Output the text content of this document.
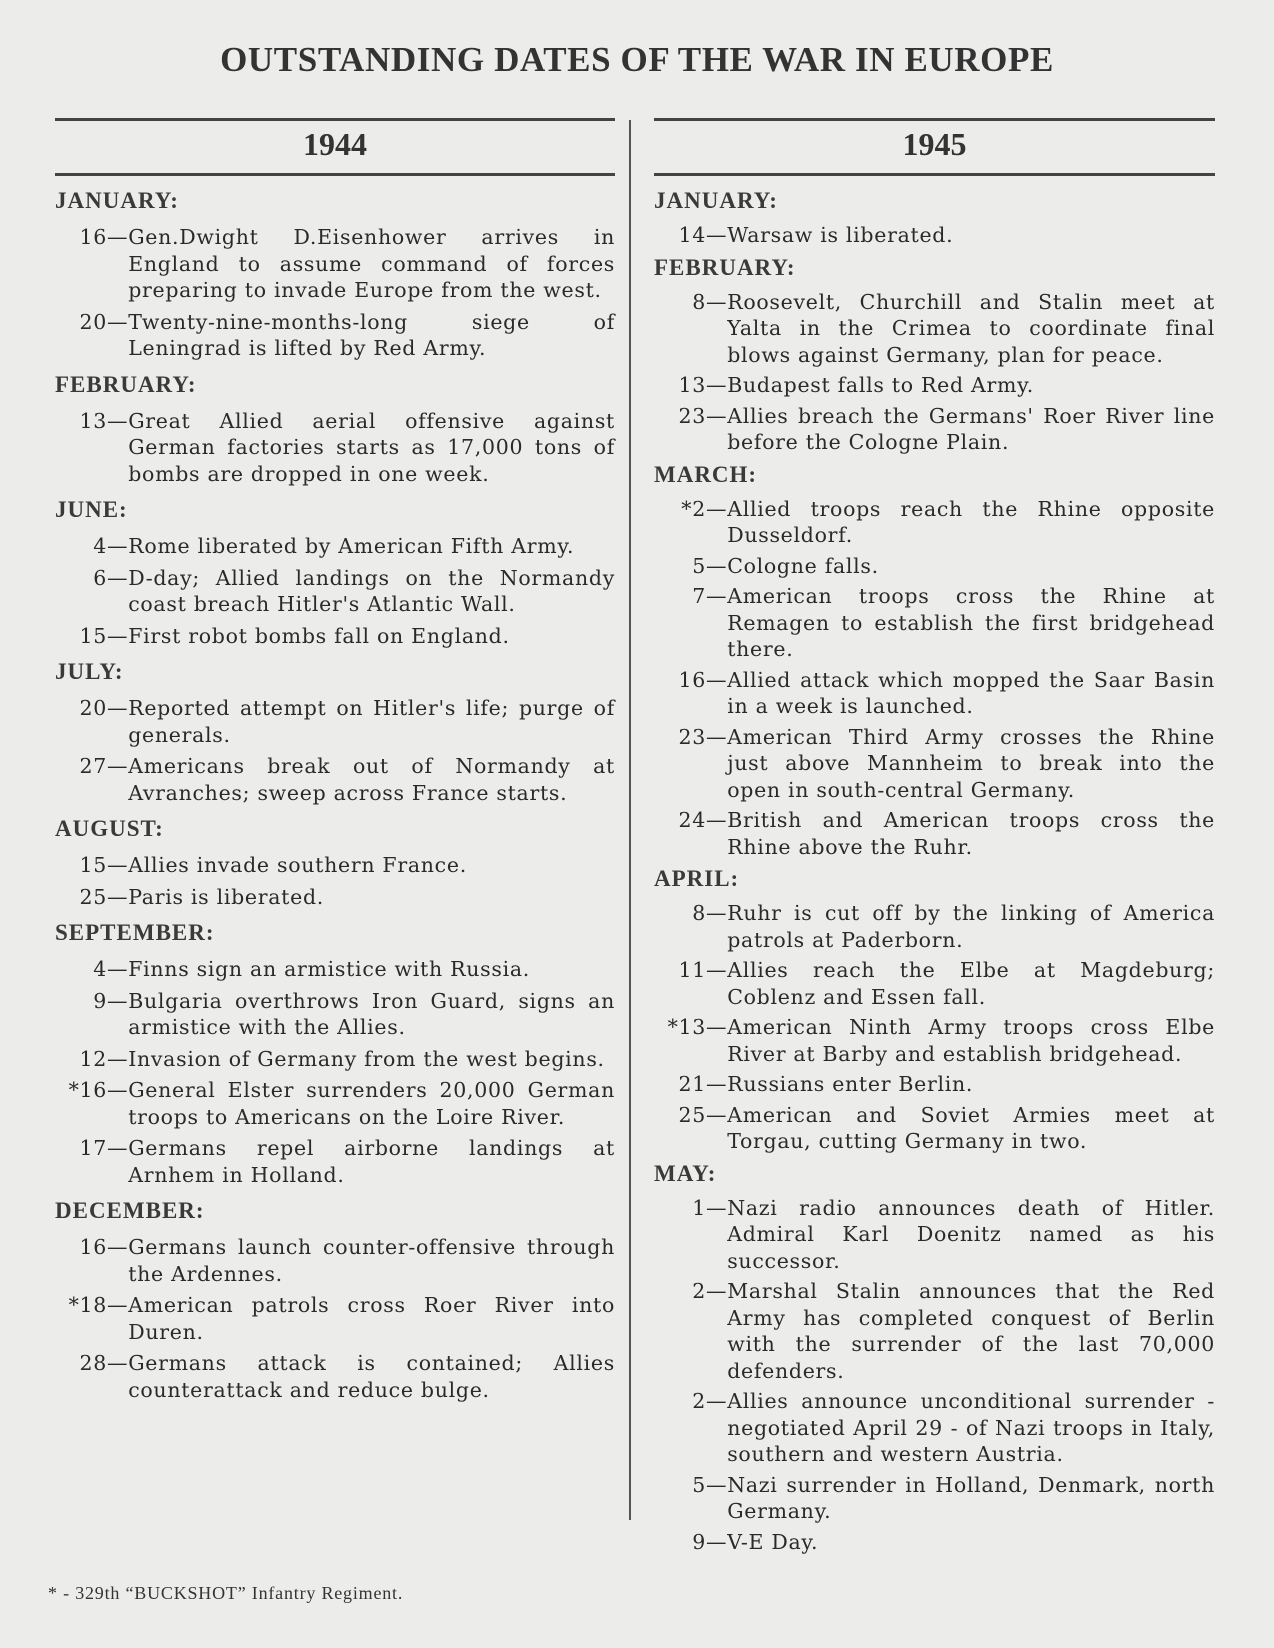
OUTSTANDING DATES OF THE WAR IN EUROPE
1944
JANUARY:
16 — Gen.Dwight D.Eisenhower arrives in England to assume command of forces preparing to invade Europe from the west.
20 — Twenty-nine-months-long siege of Leningrad is lifted by Red Army.
FEBRUARY:
13 — Great Allied aerial offensive against German factories starts as 17,000 tons of bombs are dropped in one week.
JUNE:
4 — Rome liberated by American Fifth Army.
6 — D-day; Allied landings on the Normandy coast breach Hitler's Atlantic Wall.
15 — First robot bombs fall on England.
JULY:
20 — Reported attempt on Hitler's life; purge of generals.
27 — Americans break out of Normandy at Avranches; sweep across France starts.
AUGUST:
15 — Allies invade southern France.
25 — Paris is liberated.
SEPTEMBER:
4 — Finns sign an armistice with Russia.
9 — Bulgaria overthrows Iron Guard, signs an armistice with the Allies.
12 — Invasion of Germany from the west begins.
*16 — General Elster surrenders 20,000 German troops to Americans on the Loire River.
17 — Germans repel airborne landings at Arnhem in Holland.
DECEMBER:
16 — Germans launch counter-offensive through the Ardennes.
*18 — American patrols cross Roer River into Duren.
28 — Germans attack is contained; Allies counterattack and reduce bulge.
1945
JANUARY:
14 — Warsaw is liberated.
FEBRUARY:
8 — Roosevelt, Churchill and Stalin meet at Yalta in the Crimea to coordinate final blows against Germany, plan for peace.
13 — Budapest falls to Red Army.
23 — Allies breach the Germans' Roer River line before the Cologne Plain.
MARCH:
*2 — Allied troops reach the Rhine opposite Dusseldorf.
5 — Cologne falls.
7 — American troops cross the Rhine at Remagen to establish the first bridgehead there.
16 — Allied attack which mopped the Saar Basin in a week is launched.
23 — American Third Army crosses the Rhine just above Mannheim to break into the open in south-central Germany.
24 — British and American troops cross the Rhine above the Ruhr.
APRIL:
8 — Ruhr is cut off by the linking of America patrols at Paderborn.
11 — Allies reach the Elbe at Magdeburg; Coblenz and Essen fall.
*13 — American Ninth Army troops cross Elbe River at Barby and establish bridgehead.
21 — Russians enter Berlin.
25 — American and Soviet Armies meet at Torgau, cutting Germany in two.
MAY:
1 — Nazi radio announces death of Hitler. Admiral Karl Doenitz named as his successor.
2 — Marshal Stalin announces that the Red Army has completed conquest of Berlin with the surrender of the last 70,000 defenders.
2 — Allies announce unconditional surrender - negotiated April 29 - of Nazi troops in Italy, southern and western Austria.
5 — Nazi surrender in Holland, Denmark, north Germany.
9 — V-E Day.
* - 329th “BUCKSHOT” Infantry Regiment.
